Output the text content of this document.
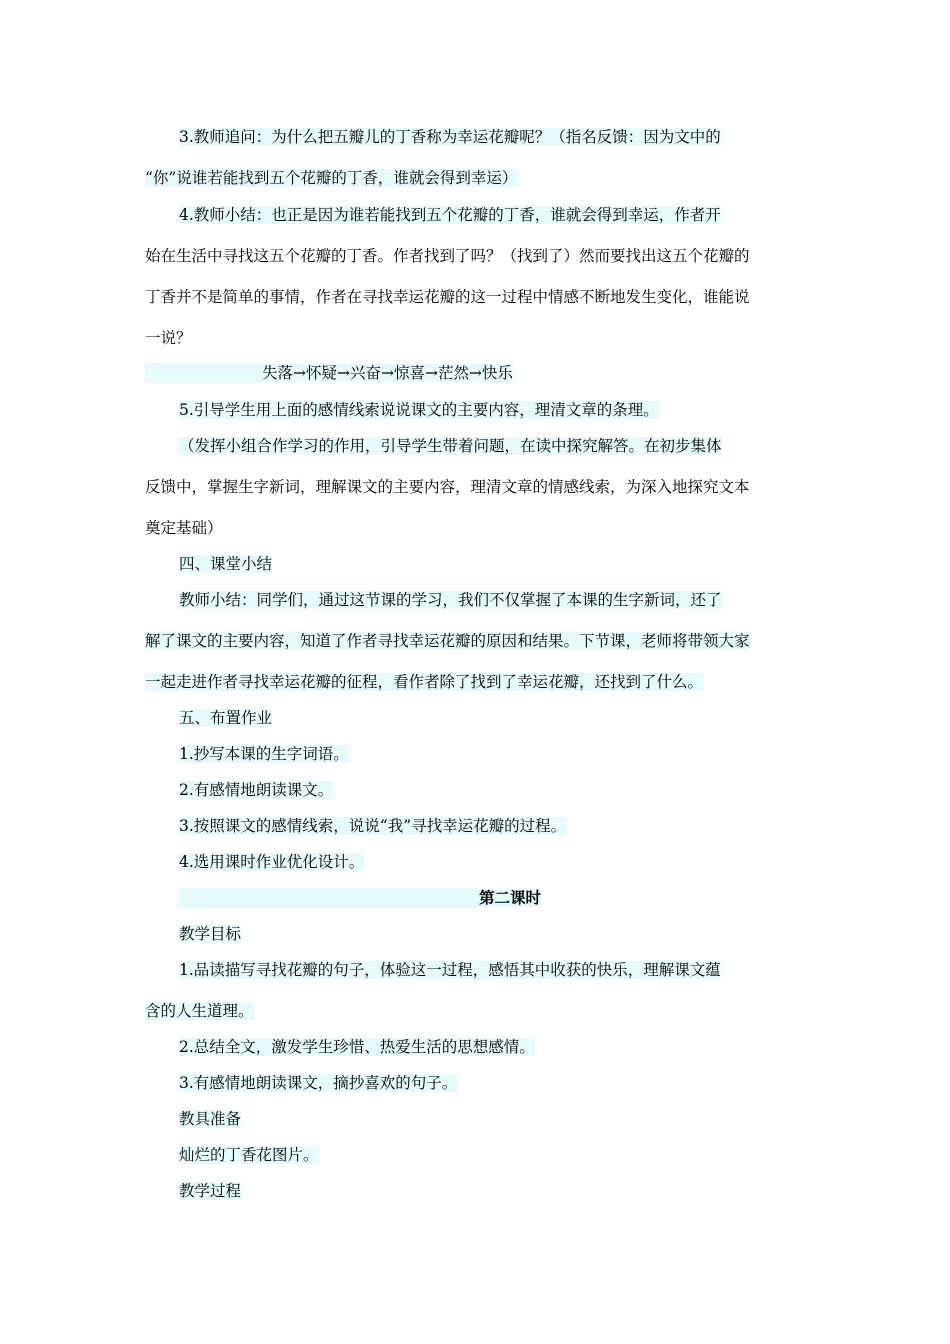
3.教师追问：为什么把五瓣儿的丁香称为幸运花瓣呢？（指名反馈：因为文中的
“你”说谁若能找到五个花瓣的丁香，谁就会得到幸运）
4.教师小结：也正是因为谁若能找到五个花瓣的丁香，谁就会得到幸运，作者开
始在生活中寻找这五个花瓣的丁香。作者找到了吗？（找到了）然而要找出这五个花瓣的
丁香并不是简单的事情，作者在寻找幸运花瓣的这一过程中情感不断地发生变化，谁能说
一说？
失落→怀疑→兴奋→惊喜→茫然→快乐
5.引导学生用上面的感情线索说说课文的主要内容，理清文章的条理。
（发挥小组合作学习的作用，引导学生带着问题，在读中探究解答。在初步集体
反馈中，掌握生字新词，理解课文的主要内容，理清文章的情感线索，为深入地探究文本
奠定基础）
四、课堂小结
教师小结：同学们，通过这节课的学习，我们不仅掌握了本课的生字新词，还了
解了课文的主要内容，知道了作者寻找幸运花瓣的原因和结果。下节课，老师将带领大家
一起走进作者寻找幸运花瓣的征程，看作者除了找到了幸运花瓣，还找到了什么。
五、布置作业
1.抄写本课的生字词语。
2.有感情地朗读课文。
3.按照课文的感情线索，说说“我”寻找幸运花瓣的过程。
4.选用课时作业优化设计。
第二课时
教学目标
1.品读描写寻找花瓣的句子，体验这一过程，感悟其中收获的快乐，理解课文蕴
含的人生道理。
2.总结全文，激发学生珍惜、热爱生活的思想感情。
3.有感情地朗读课文，摘抄喜欢的句子。
教具准备
灿烂的丁香花图片。
教学过程
